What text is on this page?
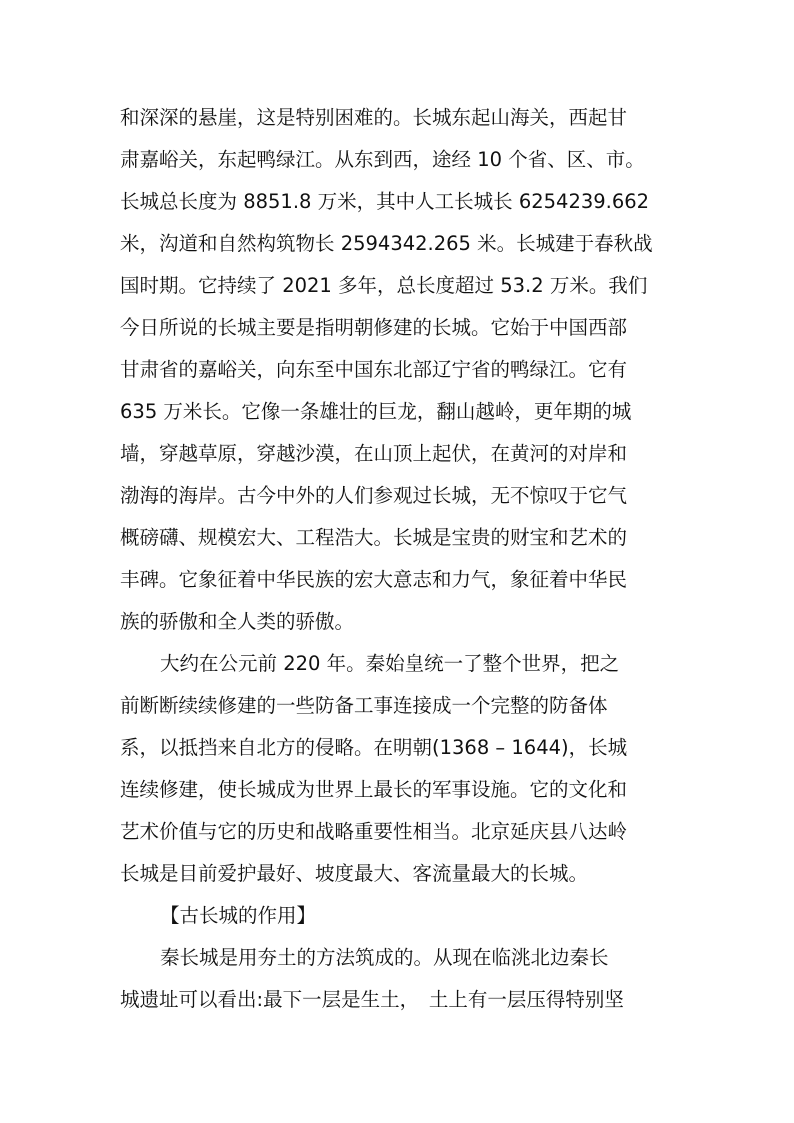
和深深的悬崖，这是特别困难的。长城东起山海关，西起甘
肃嘉峪关，东起鸭绿江。从东到西，途经 10 个省、区、市。
长城总长度为 8851.8 万米，其中人工长城长 6254239.662
米，沟道和自然构筑物长 2594342.265 米。长城建于春秋战
国时期。它持续了 2021 多年，总长度超过 53.2 万米。我们
今日所说的长城主要是指明朝修建的长城。它始于中国西部
甘肃省的嘉峪关，向东至中国东北部辽宁省的鸭绿江。它有
635 万米长。它像一条雄壮的巨龙，翻山越岭，更年期的城
墙，穿越草原，穿越沙漠，在山顶上起伏，在黄河的对岸和
渤海的海岸。古今中外的人们参观过长城，无不惊叹于它气
概磅礴、规模宏大、工程浩大。长城是宝贵的财宝和艺术的
丰碑。它象征着中华民族的宏大意志和力气，象征着中华民
族的骄傲和全人类的骄傲。
大约在公元前 220 年。秦始皇统一了整个世界，把之
前断断续续修建的一些防备工事连接成一个完整的防备体
系，以抵挡来自北方的侵略。在明朝(1368 – 1644)，长城
连续修建，使长城成为世界上最长的军事设施。它的文化和
艺术价值与它的历史和战略重要性相当。北京延庆县八达岭
长城是目前爱护最好、坡度最大、客流量最大的长城。
【古长城的作用】
秦长城是用夯土的方法筑成的。从现在临洮北边秦长
城遗址可以看出:最下一层是生土，　土上有一层压得特别坚
